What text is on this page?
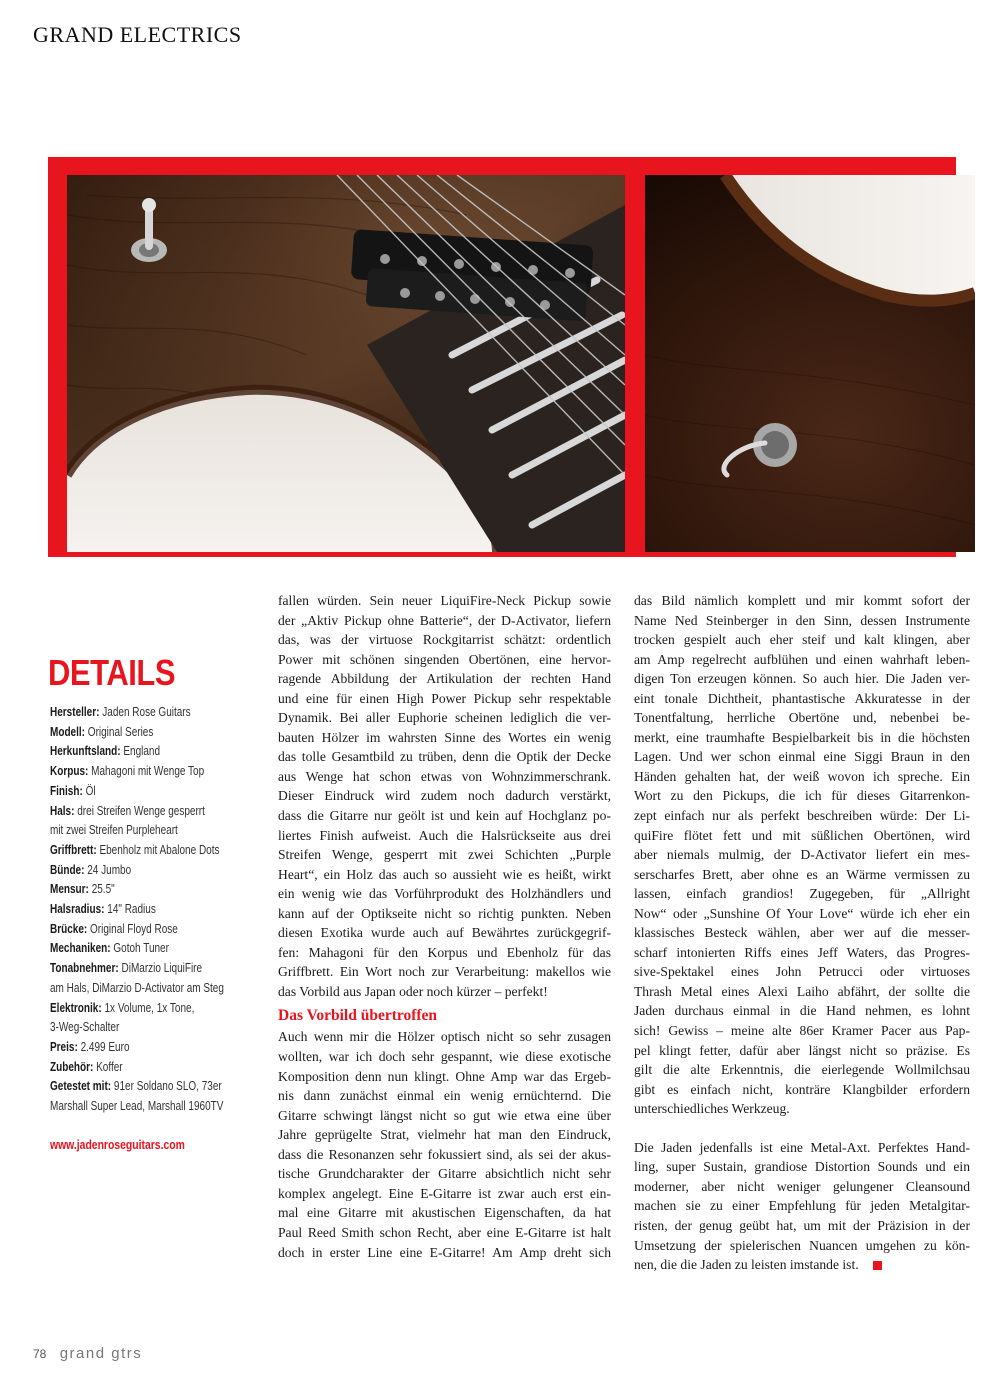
GRAND ELECTRICS
DETAILS
Hersteller: Jaden Rose Guitars
Modell: Original Series
Herkunftsland: England
Korpus: Mahagoni mit Wenge Top
Finish: Öl
Hals: drei Streifen Wenge gesperrt
mit zwei Streifen Purpleheart
Griffbrett: Ebenholz mit Abalone Dots
Bünde: 24 Jumbo
Mensur: 25.5"
Halsradius: 14" Radius
Brücke: Original Floyd Rose
Mechaniken: Gotoh Tuner
Tonabnehmer: DiMarzio LiquiFire
am Hals, DiMarzio D-Activator am Steg
Elektronik: 1x Volume, 1x Tone,
3-Weg-Schalter
Preis: 2.499 Euro
Zubehör: Koffer
Getestet mit: 91er Soldano SLO, 73er
Marshall Super Lead, Marshall 1960TV
www.jadenroseguitars.com
fallen würden. Sein neuer LiquiFire-Neck Pickup sowie
der „Aktiv Pickup ohne Batterie“, der D-Activator, liefern
das, was der virtuose Rockgitarrist schätzt: ordentlich
Power mit schönen singenden Obertönen, eine hervor-
ragende Abbildung der Artikulation der rechten Hand
und eine für einen High Power Pickup sehr respektable
Dynamik. Bei aller Euphorie scheinen lediglich die ver-
bauten Hölzer im wahrsten Sinne des Wortes ein wenig
das tolle Gesamtbild zu trüben, denn die Optik der Decke
aus Wenge hat schon etwas von Wohnzimmerschrank.
Dieser Eindruck wird zudem noch dadurch verstärkt,
dass die Gitarre nur geölt ist und kein auf Hochglanz po-
liertes Finish aufweist. Auch die Halsrückseite aus drei
Streifen Wenge, gesperrt mit zwei Schichten „Purple
Heart“, ein Holz das auch so aussieht wie es heißt, wirkt
ein wenig wie das Vorführprodukt des Holzhändlers und
kann auf der Optikseite nicht so richtig punkten. Neben
diesen Exotika wurde auch auf Bewährtes zurückgegrif-
fen: Mahagoni für den Korpus und Ebenholz für das
Griffbrett. Ein Wort noch zur Verarbeitung: makellos wie
das Vorbild aus Japan oder noch kürzer – perfekt!
Das Vorbild übertroffen
Auch wenn mir die Hölzer optisch nicht so sehr zusagen
wollten, war ich doch sehr gespannt, wie diese exotische
Komposition denn nun klingt. Ohne Amp war das Ergeb-
nis dann zunächst einmal ein wenig ernüchternd. Die
Gitarre schwingt längst nicht so gut wie etwa eine über
Jahre geprügelte Strat, vielmehr hat man den Eindruck,
dass die Resonanzen sehr fokussiert sind, als sei der akus-
tische Grundcharakter der Gitarre absichtlich nicht sehr
komplex angelegt. Eine E-Gitarre ist zwar auch erst ein-
mal eine Gitarre mit akustischen Eigenschaften, da hat
Paul Reed Smith schon Recht, aber eine E-Gitarre ist halt
doch in erster Line eine E-Gitarre! Am Amp dreht sich
das Bild nämlich komplett und mir kommt sofort der
Name Ned Steinberger in den Sinn, dessen Instrumente
trocken gespielt auch eher steif und kalt klingen, aber
am Amp regelrecht aufblühen und einen wahrhaft leben-
digen Ton erzeugen können. So auch hier. Die Jaden ver-
eint tonale Dichtheit, phantastische Akkuratesse in der
Tonentfaltung, herrliche Obertöne und, nebenbei be-
merkt, eine traumhafte Bespielbarkeit bis in die höchsten
Lagen. Und wer schon einmal eine Siggi Braun in den
Händen gehalten hat, der weiß wovon ich spreche. Ein
Wort zu den Pickups, die ich für dieses Gitarrenkon-
zept einfach nur als perfekt beschreiben würde: Der Li-
quiFire flötet fett und mit süßlichen Obertönen, wird
aber niemals mulmig, der D-Activator liefert ein mes-
serscharfes Brett, aber ohne es an Wärme vermissen zu
lassen, einfach grandios! Zugegeben, für „Allright
Now“ oder „Sunshine Of Your Love“ würde ich eher ein
klassisches Besteck wählen, aber wer auf die messer-
scharf intonierten Riffs eines Jeff Waters, das Progres-
sive-Spektakel eines John Petrucci oder virtuoses
Thrash Metal eines Alexi Laiho abfährt, der sollte die
Jaden durchaus einmal in die Hand nehmen, es lohnt
sich! Gewiss – meine alte 86er Kramer Pacer aus Pap-
pel klingt fetter, dafür aber längst nicht so präzise. Es
gilt die alte Erkenntnis, die eierlegende Wollmilchsau
gibt es einfach nicht, konträre Klangbilder erfordern
unterschiedliches Werkzeug.
Die Jaden jedenfalls ist eine Metal-Axt. Perfektes Hand-
ling, super Sustain, grandiose Distortion Sounds und ein
moderner, aber nicht weniger gelungener Cleansound
machen sie zu einer Empfehlung für jeden Metalgitar-
risten, der genug geübt hat, um mit der Präzision in der
Umsetzung der spielerischen Nuancen umgehen zu kön-
nen, die die Jaden zu leisten imstande ist.
78 grand gtrs
